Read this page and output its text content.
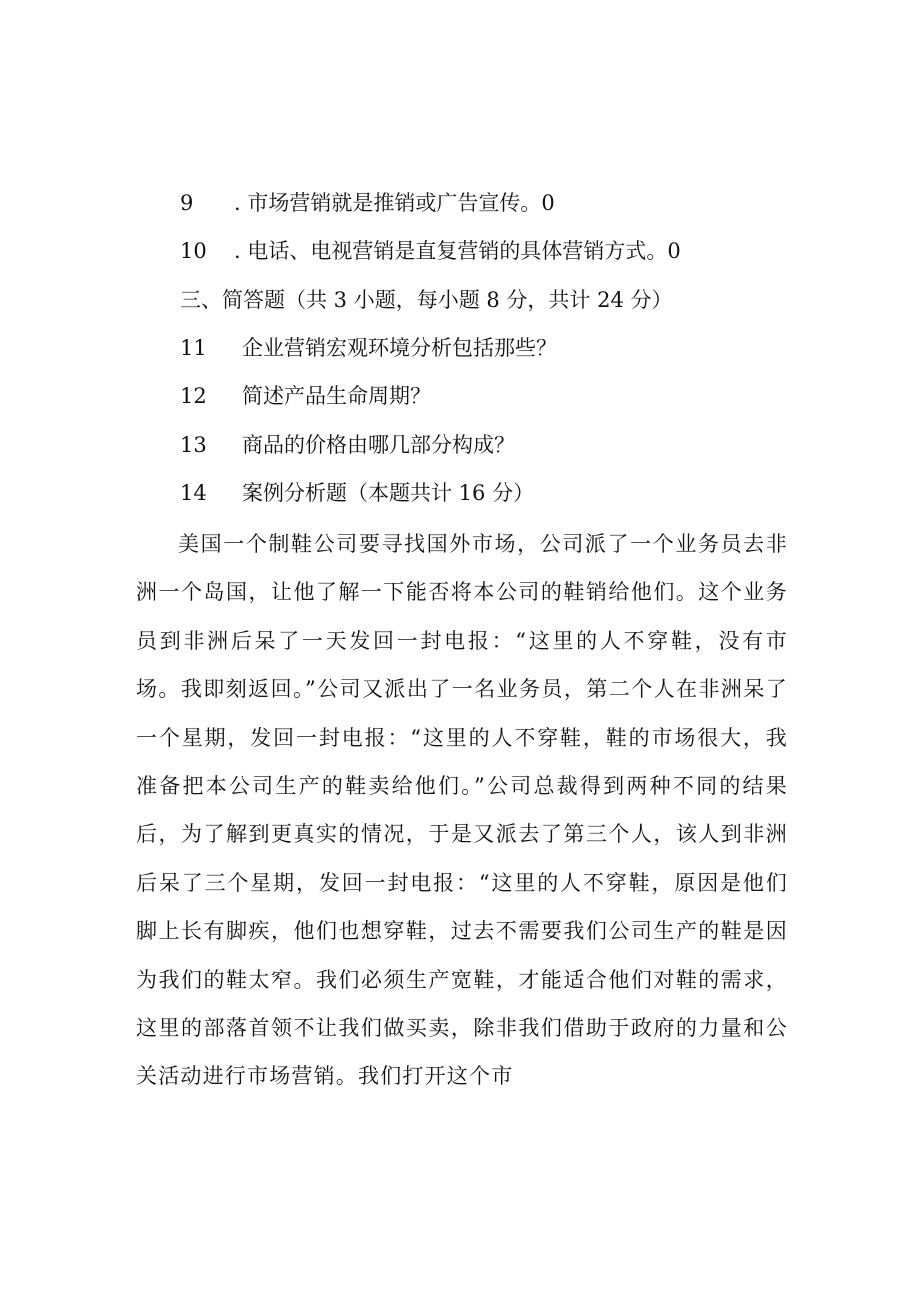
9 . 市场营销就是推销或广告宣传。0
10 . 电话、电视营销是直复营销的具体营销方式。0
三、简答题（共 3 小题，每小题 8 分，共计 24 分）
11 企业营销宏观环境分析包括那些？
12 简述产品生命周期？
13 商品的价格由哪几部分构成？
14 案例分析题（本题共计 16 分）
美国一个制鞋公司要寻找国外市场，公司派了一个业务员去非洲一个岛国，让他了解一下能否将本公司的鞋销给他们。这个业务员到非洲后呆了一天发回一封电报：“这里的人不穿鞋，没有市场。我即刻返回。”公司又派出了一名业务员，第二个人在非洲呆了一个星期，发回一封电报：“这里的人不穿鞋，鞋的市场很大，我准备把本公司生产的鞋卖给他们。”公司总裁得到两种不同的结果后，为了解到更真实的情况，于是又派去了第三个人，该人到非洲后呆了三个星期，发回一封电报：“这里的人不穿鞋，原因是他们脚上长有脚疾，他们也想穿鞋，过去不需要我们公司生产的鞋是因为我们的鞋太窄。我们必须生产宽鞋，才能适合他们对鞋的需求，这里的部落首领不让我们做买卖，除非我们借助于政府的力量和公关活动进行市场营销。我们打开这个市
